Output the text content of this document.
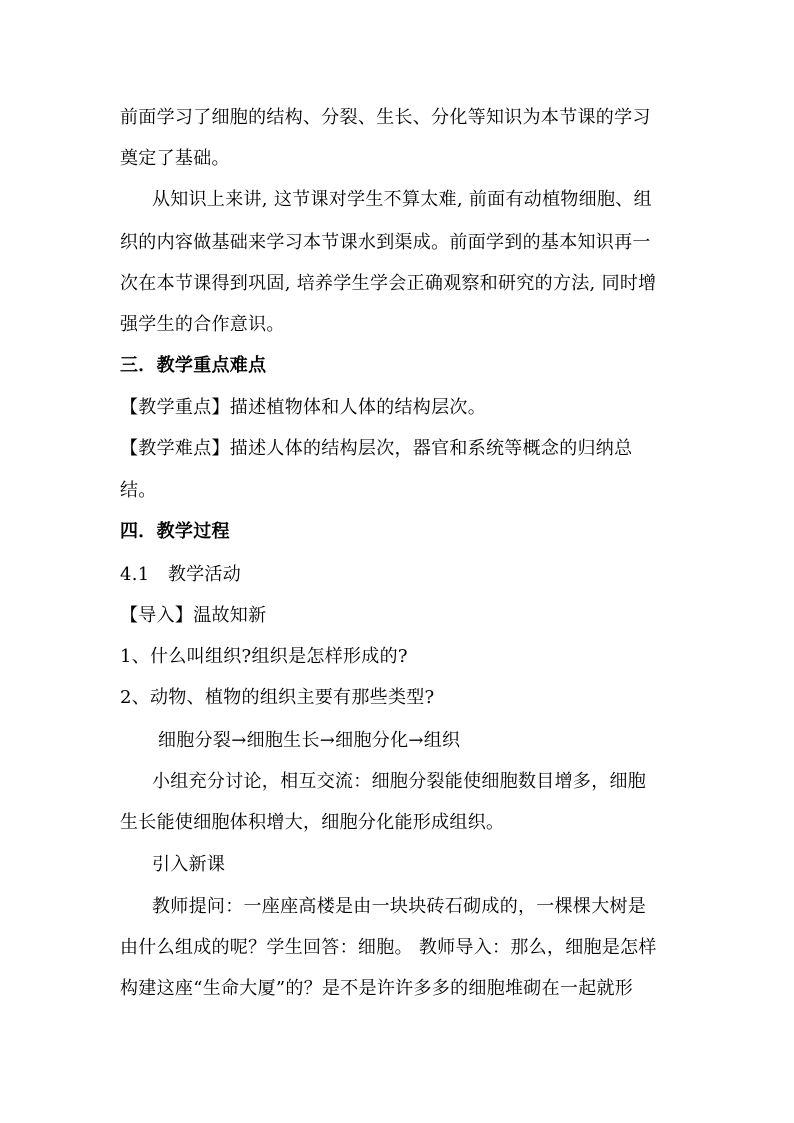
前面学习了细胞的结构、分裂、生长、分化等知识为本节课的学习
奠定了基础。
从知识上来讲, 这节课对学生不算太难, 前面有动植物细胞、组
织的内容做基础来学习本节课水到渠成。前面学到的基本知识再一
次在本节课得到巩固, 培养学生学会正确观察和研究的方法, 同时增
强学生的合作意识。
三．教学重点难点
【教学重点】描述植物体和人体的结构层次。
【教学难点】描述人体的结构层次，器官和系统等概念的归纳总
结。
四．教学过程
4.1　教学活动
【导入】温故知新
1、什么叫组织?组织是怎样形成的?
2、动物、植物的组织主要有那些类型?
细胞分裂→细胞生长→细胞分化→组织
小组充分讨论，相互交流：细胞分裂能使细胞数目增多，细胞
生长能使细胞体积增大，细胞分化能形成组织。
引入新课
教师提问：一座座高楼是由一块块砖石砌成的，一棵棵大树是
由什么组成的呢？学生回答：细胞。 教师导入：那么，细胞是怎样
构建这座“生命大厦”的？是不是许许多多的细胞堆砌在一起就形
